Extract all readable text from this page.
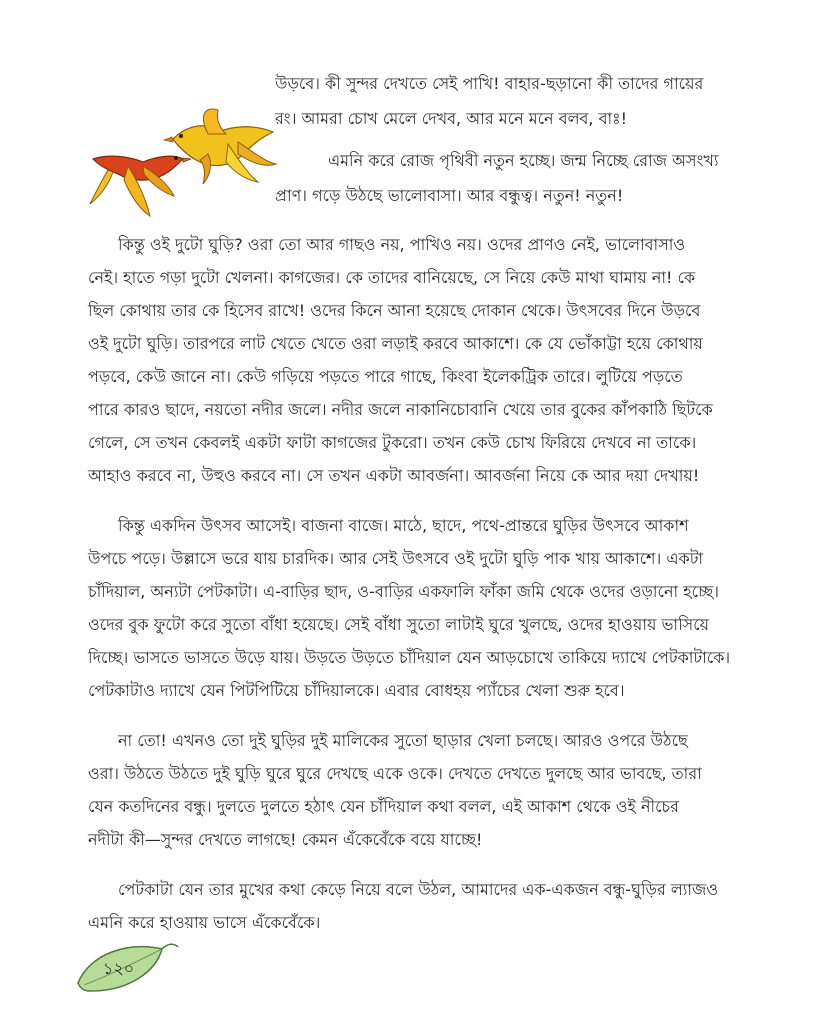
উড়বে। কী সুন্দর দেখতে সেই পাখি! বাহার-ছড়ানো কী তাদের গায়ের
রং। আমরা চোখ মেলে দেখব, আর মনে মনে বলব, বাঃ!
এমনি করে রোজ পৃথিবী নতুন হচ্ছে। জন্ম নিচ্ছে রোজ অসংখ্য
প্রাণ। গড়ে উঠছে ভালোবাসা। আর বন্ধুত্ব। নতুন! নতুন!
কিন্তু ওই দুটো ঘুড়ি? ওরা তো আর গাছও নয়, পাখিও নয়। ওদের প্রাণও নেই, ভালোবাসাও
নেই। হাতে গড়া দুটো খেলনা। কাগজের। কে তাদের বানিয়েছে, সে নিয়ে কেউ মাথা ঘামায় না! কে
ছিল কোথায় তার কে হিসেব রাখে! ওদের কিনে আনা হয়েছে দোকান থেকে। উৎসবের দিনে উড়বে
ওই দুটো ঘুড়ি। তারপরে লাট খেতে খেতে ওরা লড়াই করবে আকাশে। কে যে ভোঁকাট্টা হয়ে কোথায়
পড়বে, কেউ জানে না। কেউ গড়িয়ে পড়তে পারে গাছে, কিংবা ইলেকট্রিক তারে। লুটিয়ে পড়তে
পারে কারও ছাদে, নয়তো নদীর জলে। নদীর জলে নাকানিচোবানি খেয়ে তার বুকের কাঁপকাঠি ছিটকে
গেলে, সে তখন কেবলই একটা ফাটা কাগজের টুকরো। তখন কেউ চোখ ফিরিয়ে দেখবে না তাকে।
আহাও করবে না, উহুও করবে না। সে তখন একটা আবর্জনা। আবর্জনা নিয়ে কে আর দয়া দেখায়!
কিন্তু একদিন উৎসব আসেই। বাজনা বাজে। মাঠে, ছাদে, পথে-প্রান্তরে ঘুড়ির উৎসবে আকাশ
উপচে পড়ে। উল্লাসে ভরে যায় চারদিক। আর সেই উৎসবে ওই দুটো ঘুড়ি পাক খায় আকাশে। একটা
চাঁদিয়াল, অন্যটা পেটকাটা। এ-বাড়ির ছাদ, ও-বাড়ির একফালি ফাঁকা জমি থেকে ওদের ওড়ানো হচ্ছে।
ওদের বুক ফুটো করে সুতো বাঁধা হয়েছে। সেই বাঁধা সুতো লাটাই ঘুরে খুলছে, ওদের হাওয়ায় ভাসিয়ে
দিচ্ছে। ভাসতে ভাসতে উড়ে যায়। উড়তে উড়তে চাঁদিয়াল যেন আড়চোখে তাকিয়ে দ্যাখে পেটকাটাকে।
পেটকাটাও দ্যাখে যেন পিটপিটিয়ে চাঁদিয়ালকে। এবার বোধহয় প্যাঁচের খেলা শুরু হবে।
না তো! এখনও তো দুই ঘুড়ির দুই মালিকের সুতো ছাড়ার খেলা চলছে। আরও ওপরে উঠছে
ওরা। উঠতে উঠতে দুই ঘুড়ি ঘুরে ঘুরে দেখছে একে ওকে। দেখতে দেখতে দুলছে আর ভাবছে, তারা
যেন কতদিনের বন্ধু। দুলতে দুলতে হঠাৎ যেন চাঁদিয়াল কথা বলল, এই আকাশ থেকে ওই নীচের
নদীটা কী—সুন্দর দেখতে লাগছে! কেমন এঁকেবেঁকে বয়ে যাচ্ছে!
পেটকাটা যেন তার মুখের কথা কেড়ে নিয়ে বলে উঠল, আমাদের এক-একজন বন্ধু-ঘুড়ির ল্যাজও
এমনি করে হাওয়ায় ভাসে এঁকেবেঁকে।
১২০
